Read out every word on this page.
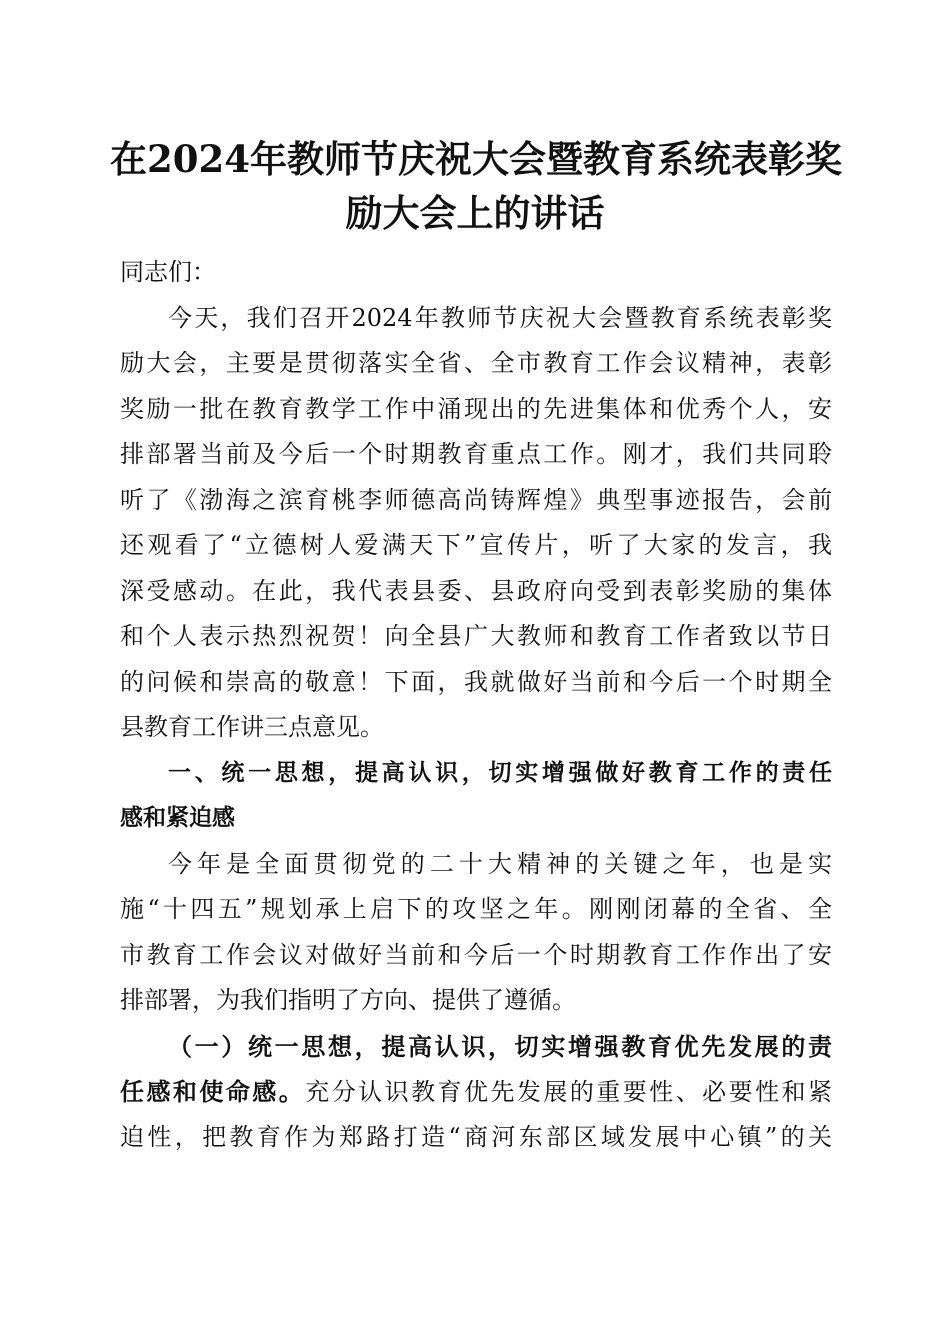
在2024年教师节庆祝大会暨教育系统表彰奖
励大会上的讲话
同志们：
今天，我们召开2024年教师节庆祝大会暨教育系统表彰奖
励大会，主要是贯彻落实全省、全市教育工作会议精神，表彰
奖励一批在教育教学工作中涌现出的先进集体和优秀个人，安
排部署当前及今后一个时期教育重点工作。刚才，我们共同聆
听了《渤海之滨育桃李师德高尚铸辉煌》典型事迹报告，会前
还观看了“立德树人爱满天下”宣传片，听了大家的发言，我
深受感动。在此，我代表县委、县政府向受到表彰奖励的集体
和个人表示热烈祝贺！向全县广大教师和教育工作者致以节日
的问候和崇高的敬意！下面，我就做好当前和今后一个时期全
县教育工作讲三点意见。
一、统一思想，提高认识，切实增强做好教育工作的责任
感和紧迫感
今年是全面贯彻党的二十大精神的关键之年，也是实
施“十四五”规划承上启下的攻坚之年。刚刚闭幕的全省、全
市教育工作会议对做好当前和今后一个时期教育工作作出了安
排部署，为我们指明了方向、提供了遵循。
（一）统一思想，提高认识，切实增强教育优先发展的责
任感和使命感。充分认识教育优先发展的重要性、必要性和紧
迫性，把教育作为郑路打造“商河东部区域发展中心镇”的关
